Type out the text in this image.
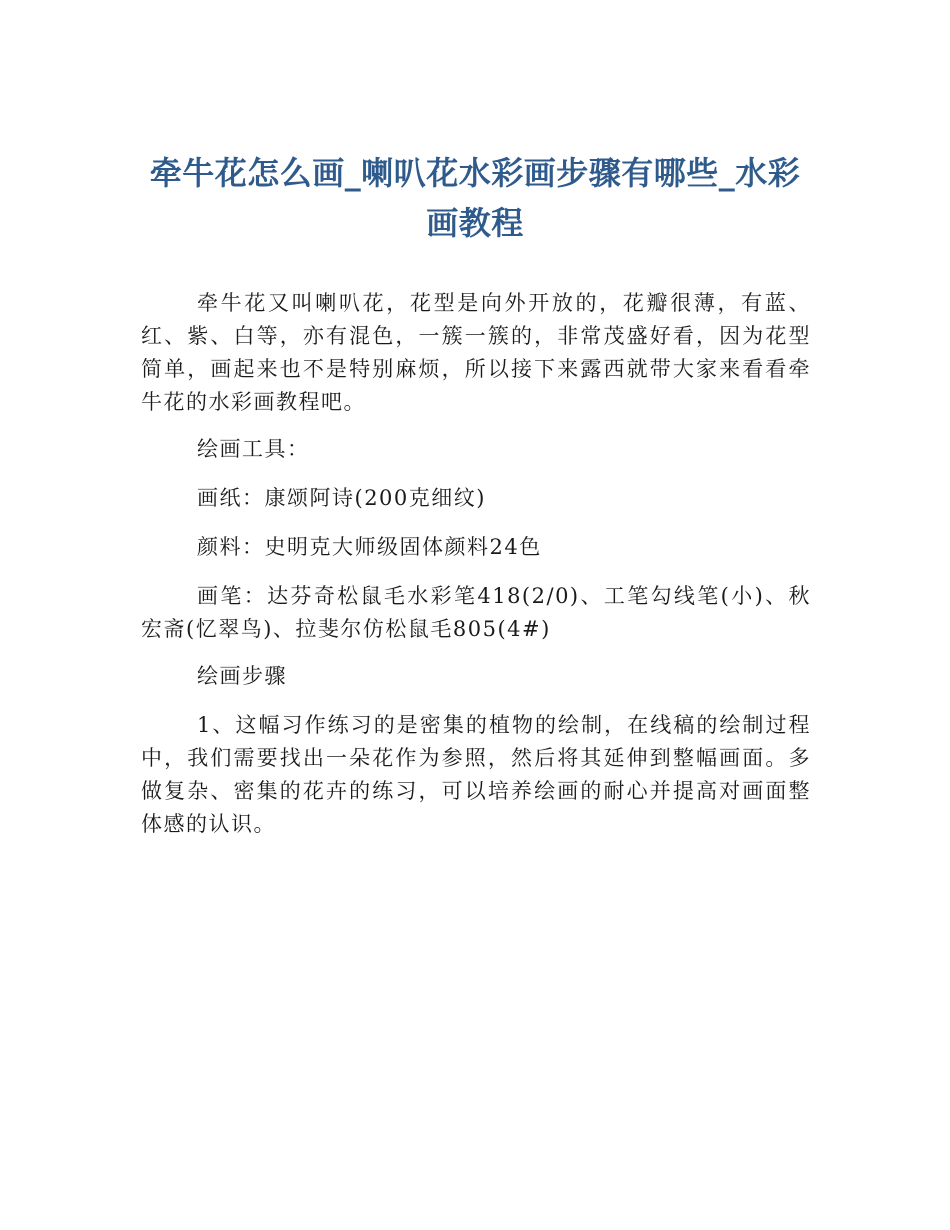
牵牛花怎么画_喇叭花水彩画步骤有哪些_水彩画教程

牵牛花又叫喇叭花，花型是向外开放的，花瓣很薄，有蓝、红、紫、白等，亦有混色，一簇一簇的，非常茂盛好看，因为花型简单，画起来也不是特别麻烦，所以接下来露西就带大家来看看牵牛花的水彩画教程吧。

绘画工具：

画纸：康颂阿诗(200克细纹)

颜料：史明克大师级固体颜料24色

画笔：达芬奇松鼠毛水彩笔418(2/0)、工笔勾线笔(小)、秋宏斋(忆翠鸟)、拉斐尔仿松鼠毛805(4#)

绘画步骤

1、这幅习作练习的是密集的植物的绘制，在线稿的绘制过程中，我们需要找出一朵花作为参照，然后将其延伸到整幅画面。多做复杂、密集的花卉的练习，可以培养绘画的耐心并提高对画面整体感的认识。
